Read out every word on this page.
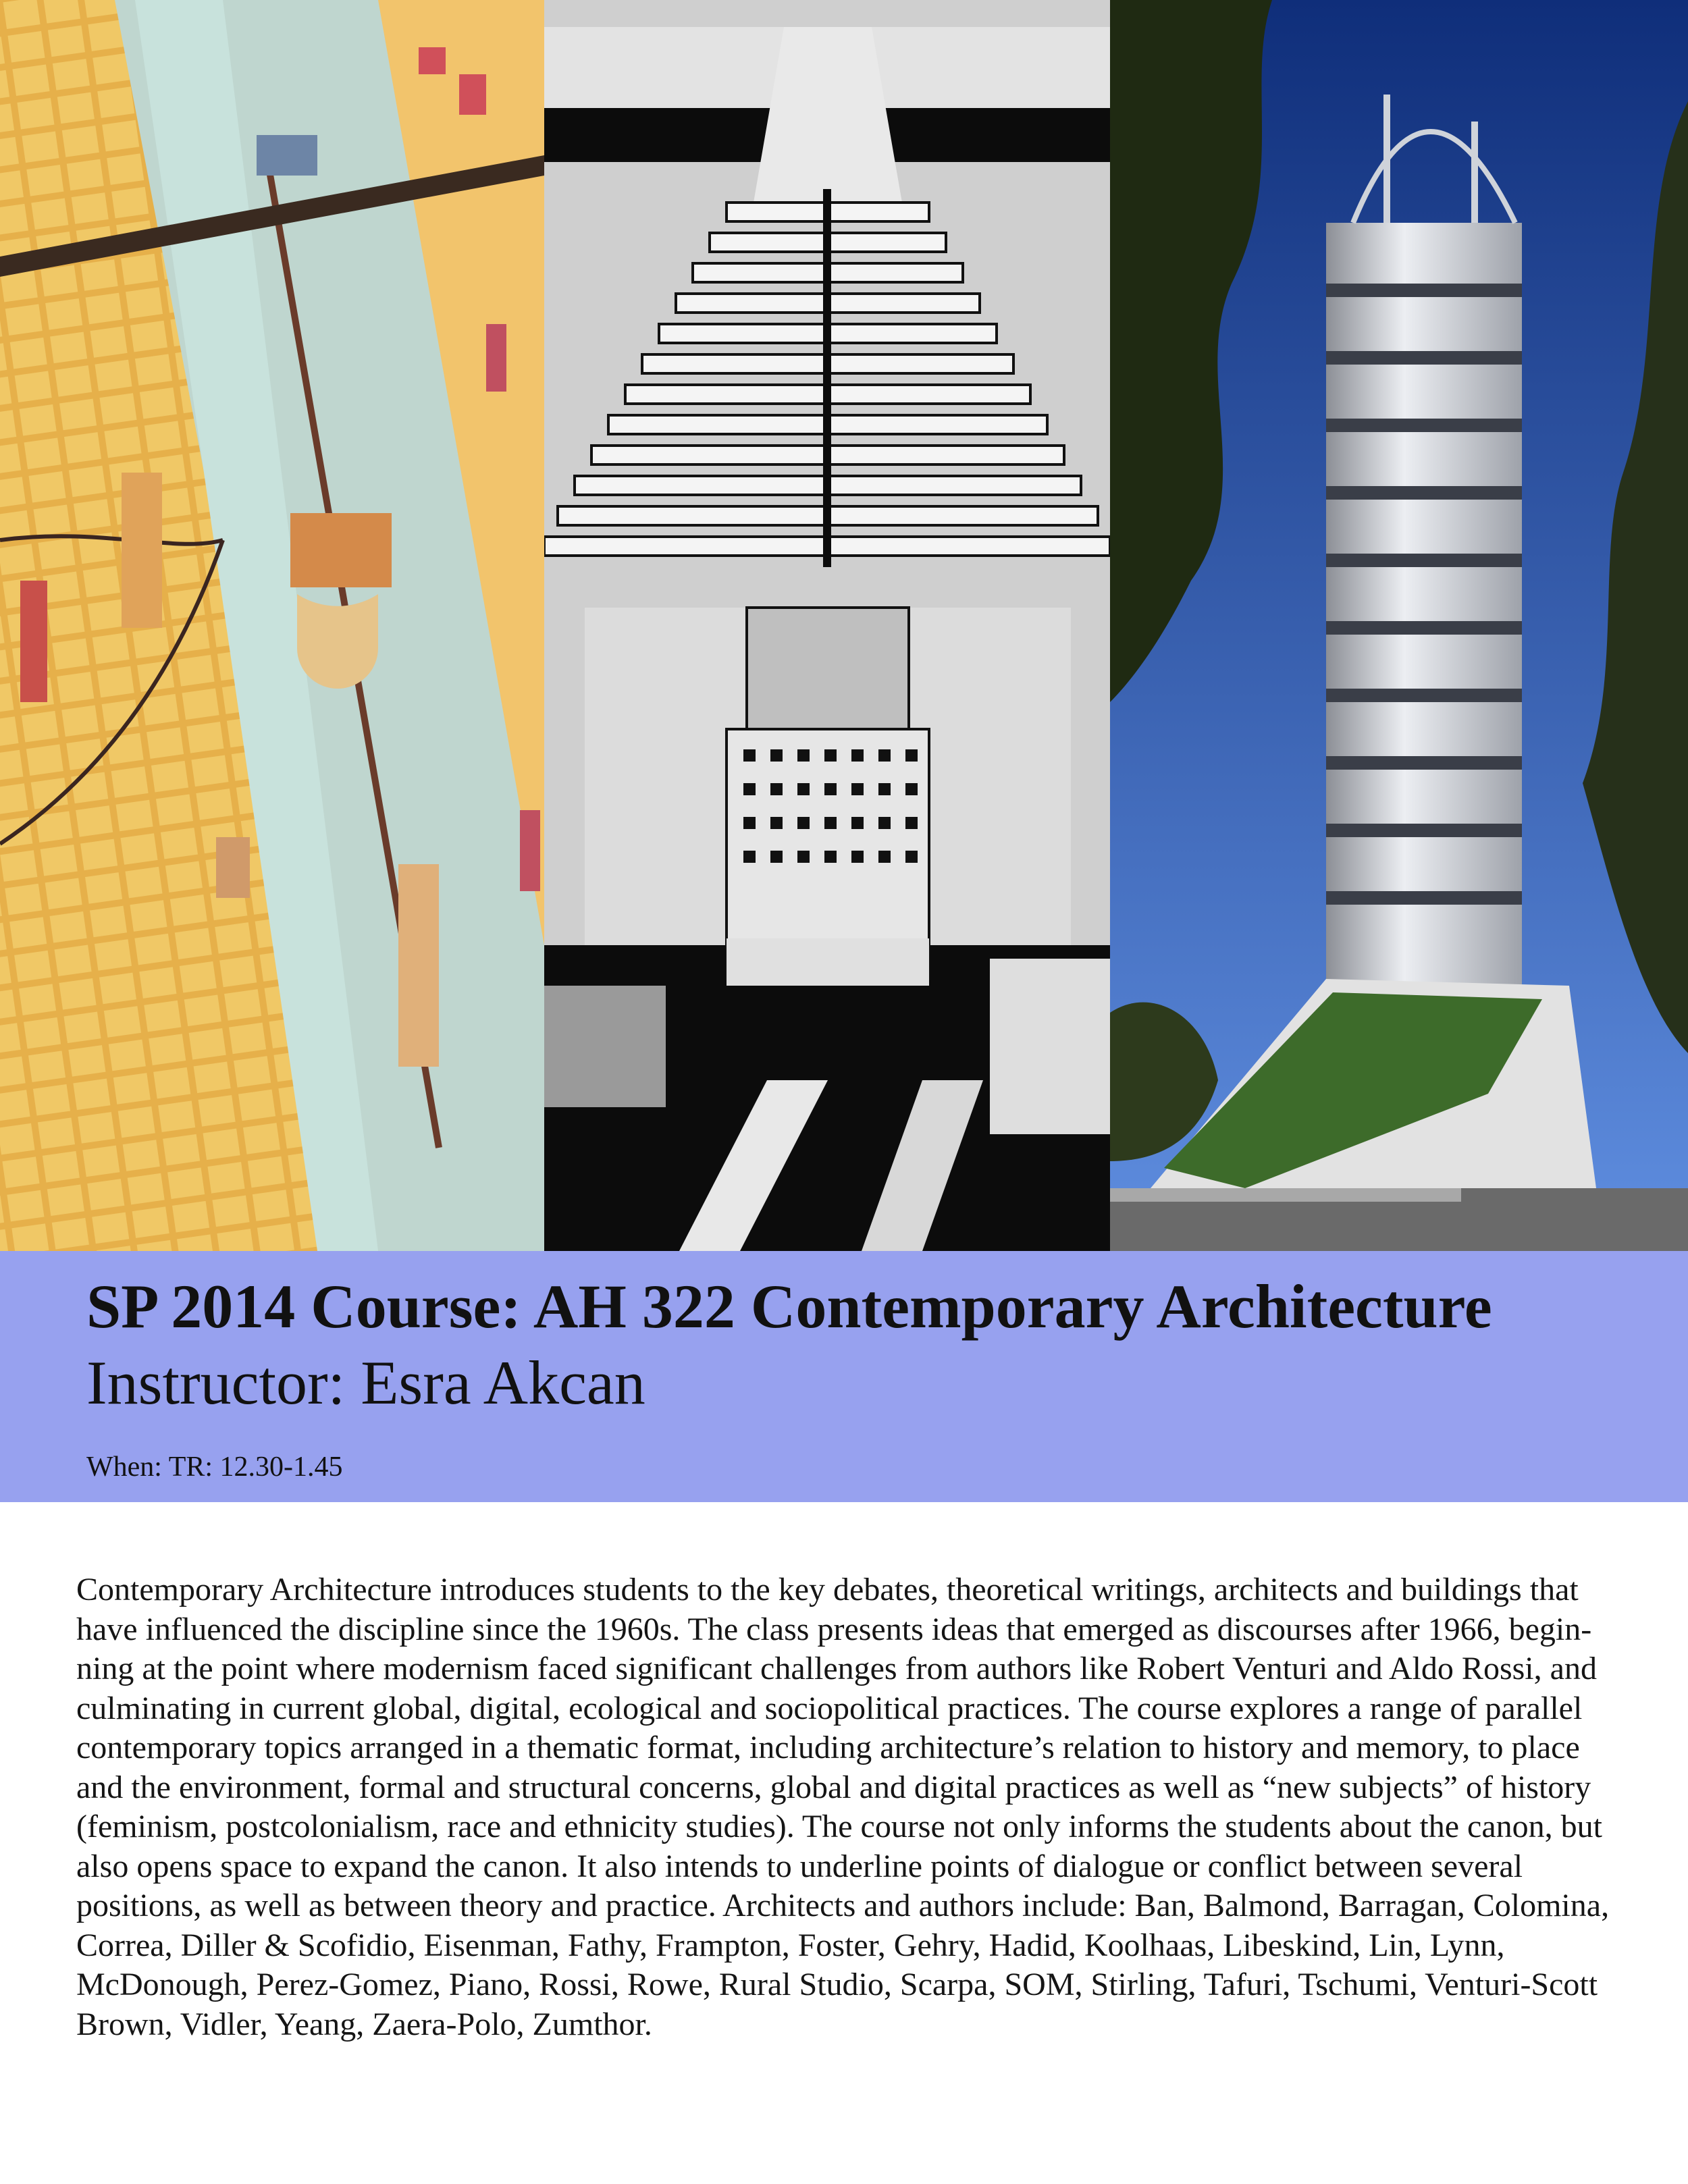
SP 2014 Course: AH 322 Contemporary Architecture
Instructor: Esra Akcan

When: TR: 12.30-1.45

Contemporary Architecture introduces students to the key debates, theoretical writings, architects and buildings that have influenced the discipline since the 1960s. The class presents ideas that emerged as discourses after 1966, begin-ning at the point where modernism faced significant challenges from authors like Robert Venturi and Aldo Rossi, and culminating in current global, digital, ecological and sociopolitical practices. The course explores a range of parallel contemporary topics arranged in a thematic format, including architecture’s relation to history and memory, to place and the environment, formal and structural concerns, global and digital practices as well as “new subjects” of history (feminism, postcolonialism, race and ethnicity studies). The course not only informs the students about the canon, but also opens space to expand the canon. It also intends to underline points of dialogue or conflict between several positions, as well as between theory and practice. Architects and authors include: Ban, Balmond, Barragan, Colomina, Correa, Diller & Scofidio, Eisenman, Fathy, Frampton, Foster, Gehry, Hadid, Koolhaas, Libeskind, Lin, Lynn, McDonough, Perez-Gomez, Piano, Rossi, Rowe, Rural Studio, Scarpa, SOM, Stirling, Tafuri, Tschumi, Venturi-Scott Brown, Vidler, Yeang, Zaera-Polo, Zumthor.
